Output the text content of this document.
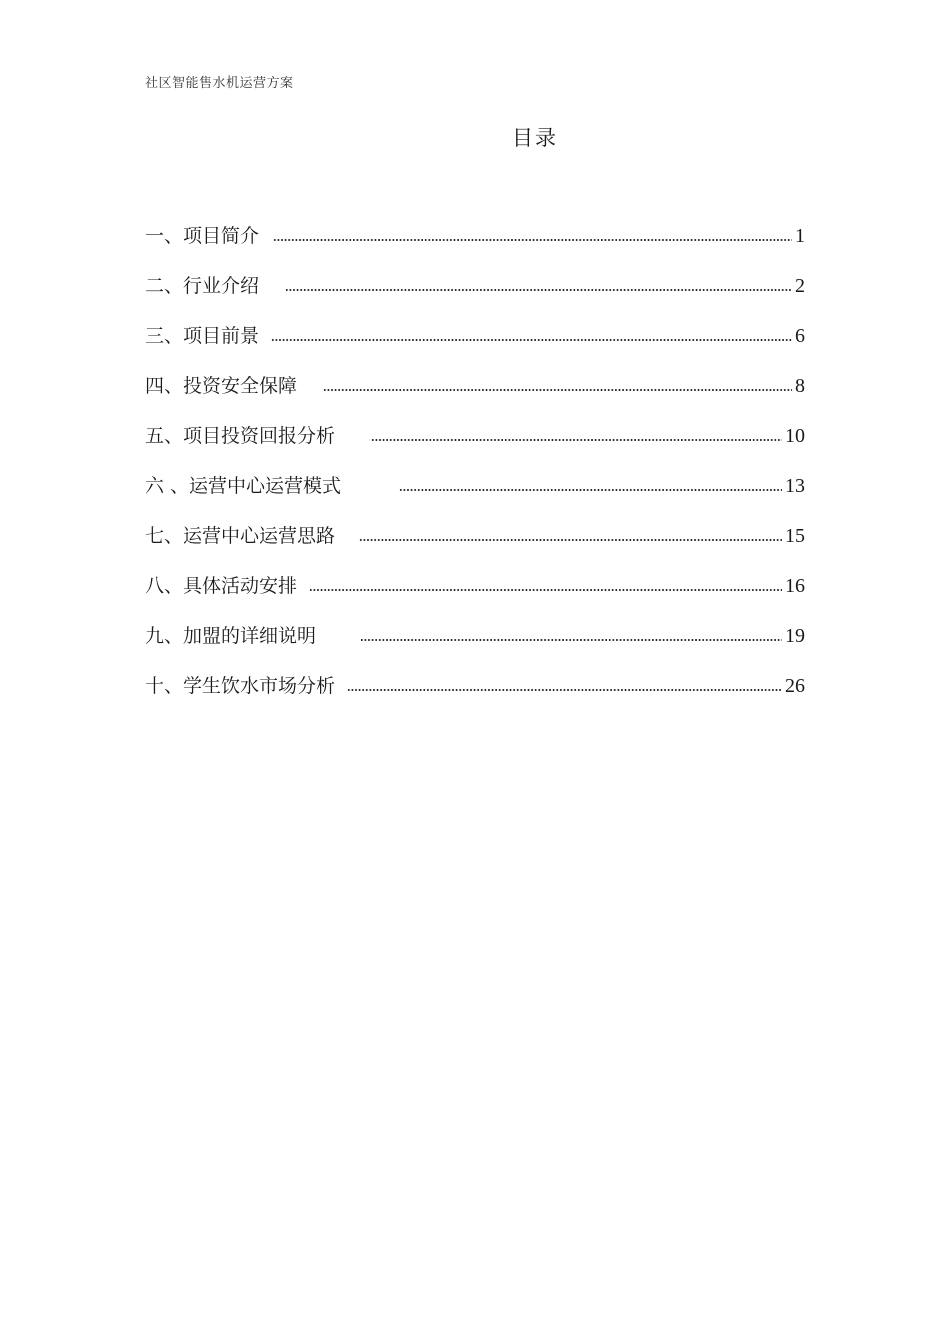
社区智能售水机运营方案
目录
一、项目简介	1
二、行业介绍	2
三、项目前景	6
四、投资安全保障	8
五、项目投资回报分析	10
六 、运营中心运营模式	13
七、运营中心运营思路	15
八、具体活动安排	16
九、加盟的详细说明	19
十、学生饮水市场分析	26
